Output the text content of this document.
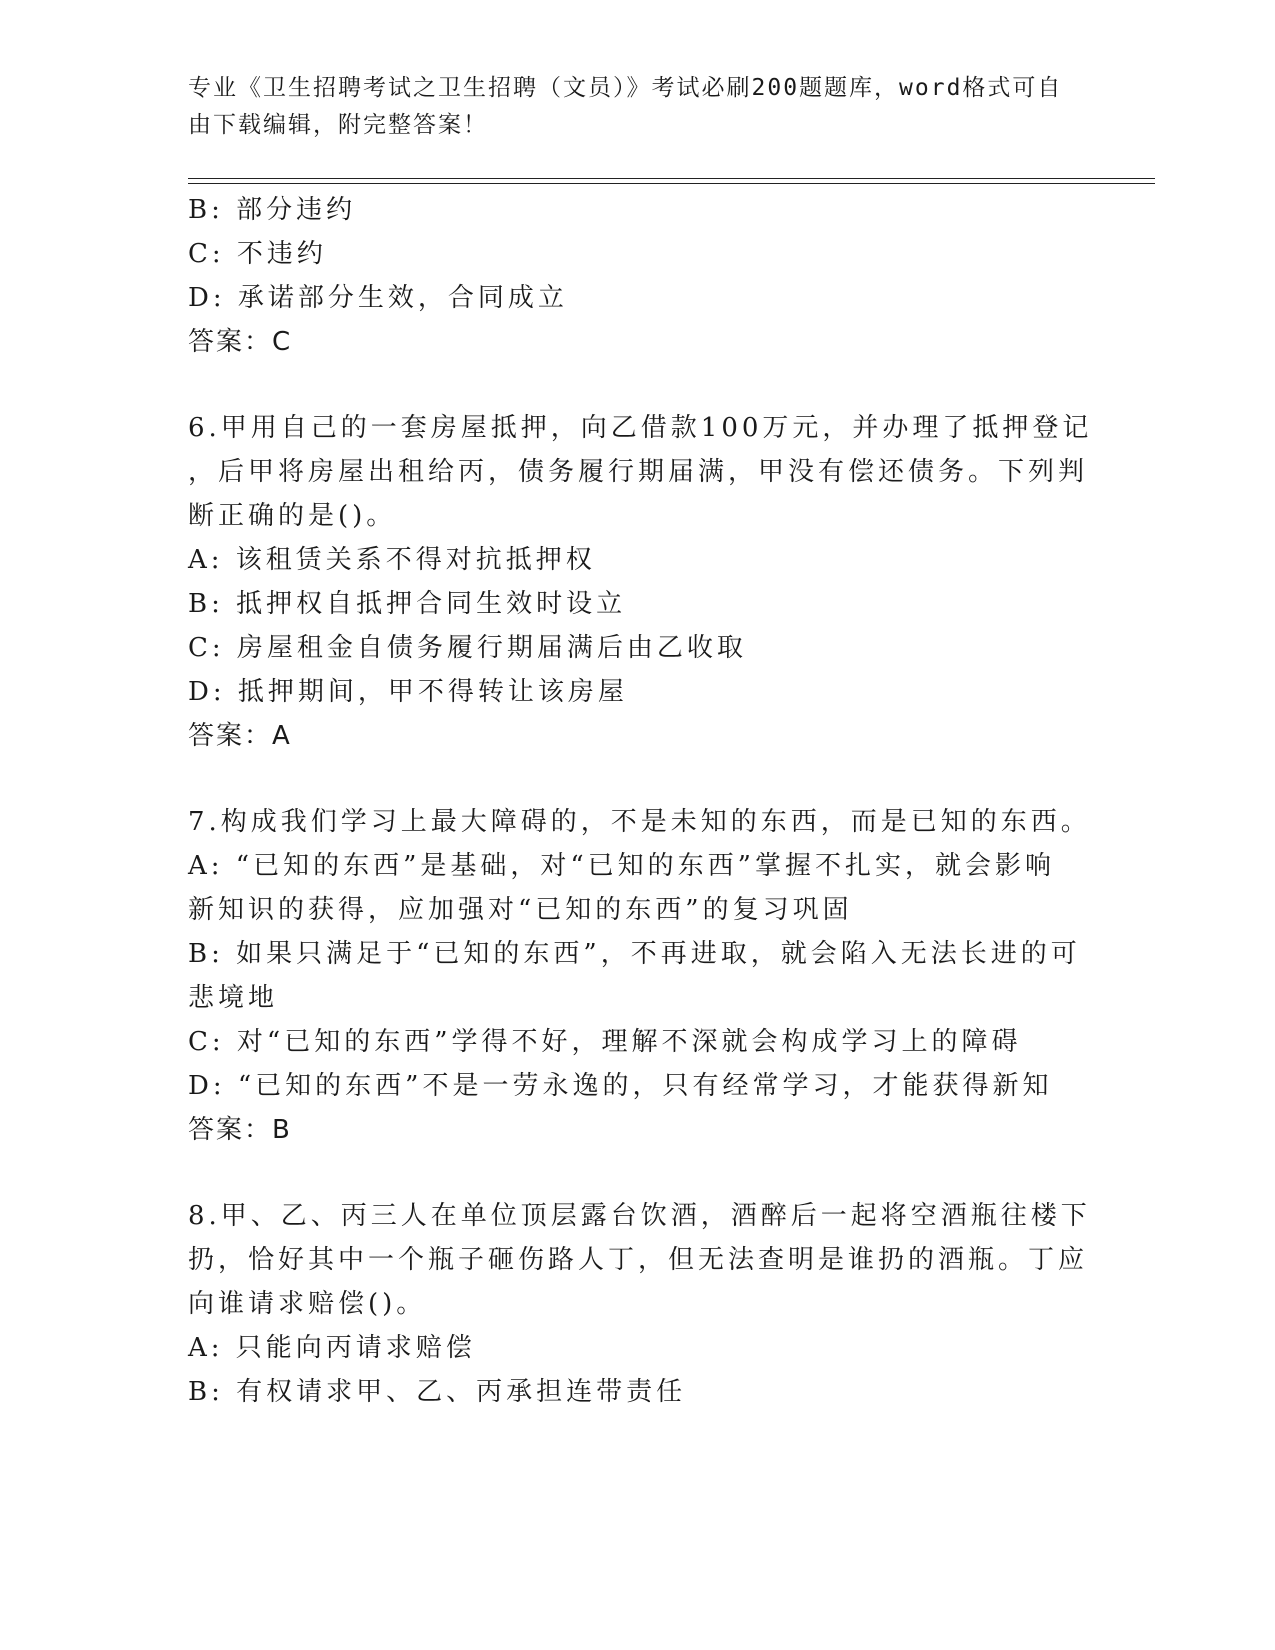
专业《卫生招聘考试之卫生招聘（文员）》考试必刷200题题库，word格式可自由下载编辑，附完整答案！
B: 部分违约
C: 不违约
D: 承诺部分生效，合同成立
答案：C
6.甲用自己的一套房屋抵押，向乙借款100万元，并办理了抵押登记
，后甲将房屋出租给丙，债务履行期届满，甲没有偿还债务。下列判
断正确的是()。
A: 该租赁关系不得对抗抵押权
B: 抵押权自抵押合同生效时设立
C: 房屋租金自债务履行期届满后由乙收取
D: 抵押期间，甲不得转让该房屋
答案：A
7.构成我们学习上最大障碍的，不是未知的东西，而是已知的东西。
A: “已知的东西”是基础，对“已知的东西”掌握不扎实，就会影响
新知识的获得，应加强对“已知的东西”的复习巩固
B: 如果只满足于“已知的东西”，不再进取，就会陷入无法长进的可
悲境地
C: 对“已知的东西”学得不好，理解不深就会构成学习上的障碍
D: “已知的东西”不是一劳永逸的，只有经常学习，才能获得新知
答案：B
8.甲、乙、丙三人在单位顶层露台饮酒，酒醉后一起将空酒瓶往楼下
扔，恰好其中一个瓶子砸伤路人丁，但无法查明是谁扔的酒瓶。丁应
向谁请求赔偿()。
A: 只能向丙请求赔偿
B: 有权请求甲、乙、丙承担连带责任
